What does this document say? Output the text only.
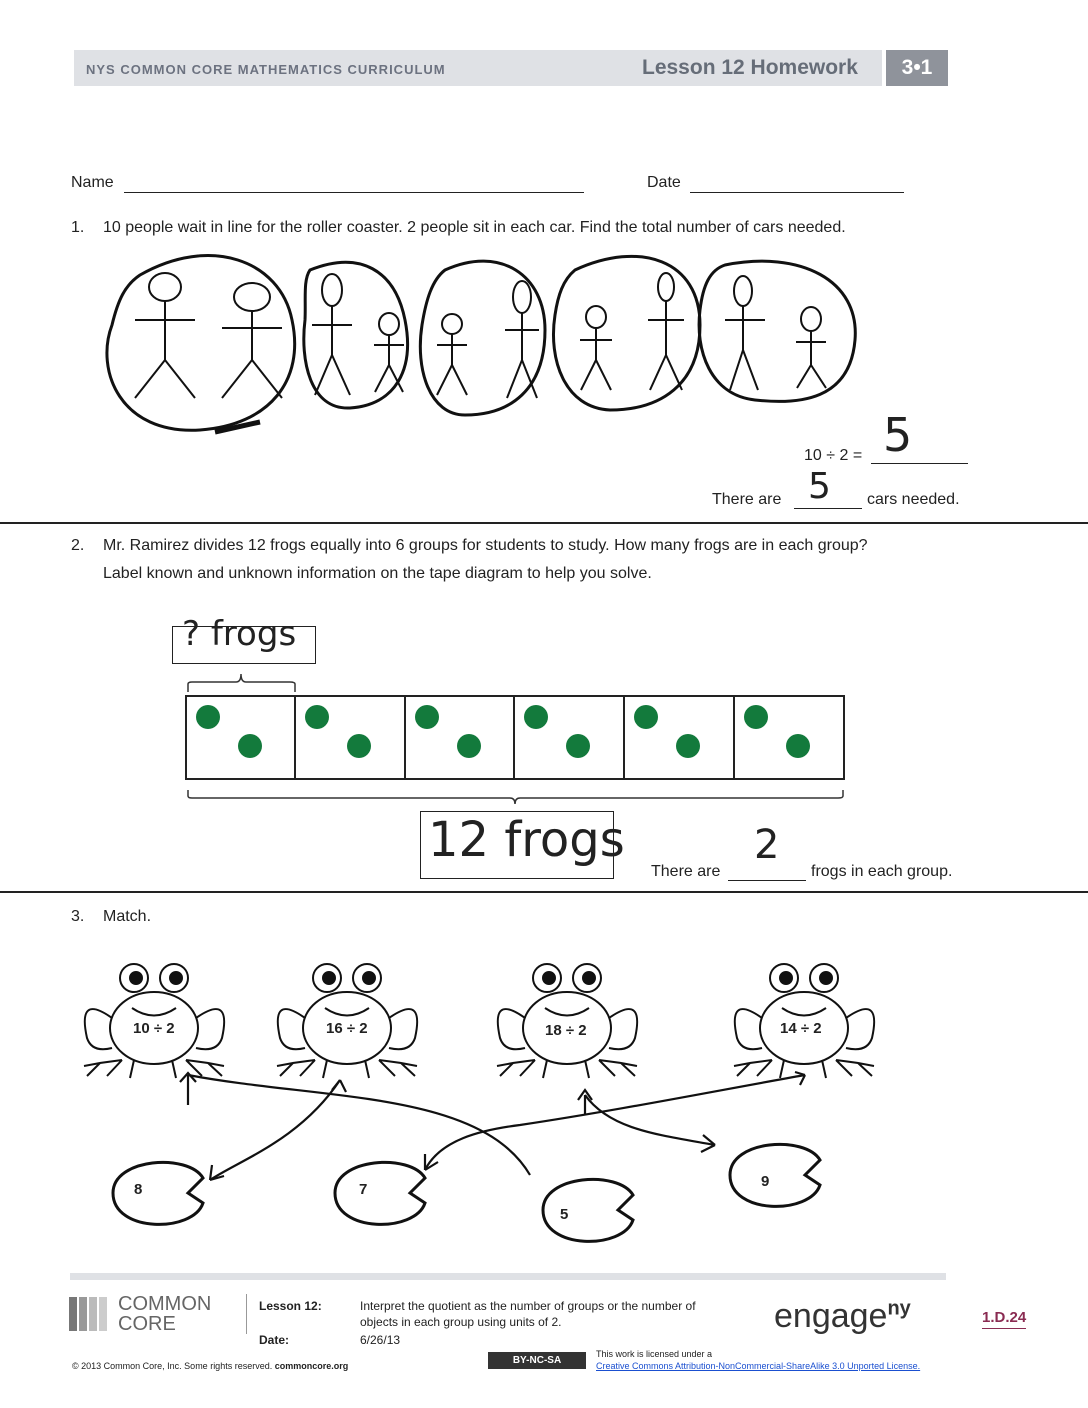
NYS COMMON CORE MATHEMATICS CURRICULUM	Lesson 12 Homework	3•1
Name	Date
1. 10 people wait in line for the roller coaster. 2 people sit in each car. Find the total number of cars needed.
10 ÷ 2 = 5
There are 5 cars needed.
2. Mr. Ramirez divides 12 frogs equally into 6 groups for students to study. How many frogs are in each group?
Label known and unknown information on the tape diagram to help you solve.
? frogs
12 frogs
There are
2
frogs in each group.
3. Match.
10 ÷ 2	16 ÷ 2	18 ÷ 2	14 ÷ 2
8	7
5
9
COMMON
CORE
Lesson 12:	Interpret the quotient as the number of groups or the number of
objects in each group using units of 2.
Date:	6/26/13
engage$^{ny}$	1.D.24
© 2013 Common Core, Inc. Some rights reserved. commoncore.org	BY-NC-SA
This work is licensed under a
Creative Commons Attribution-NonCommercial-ShareAlike 3.0 Unported License.
